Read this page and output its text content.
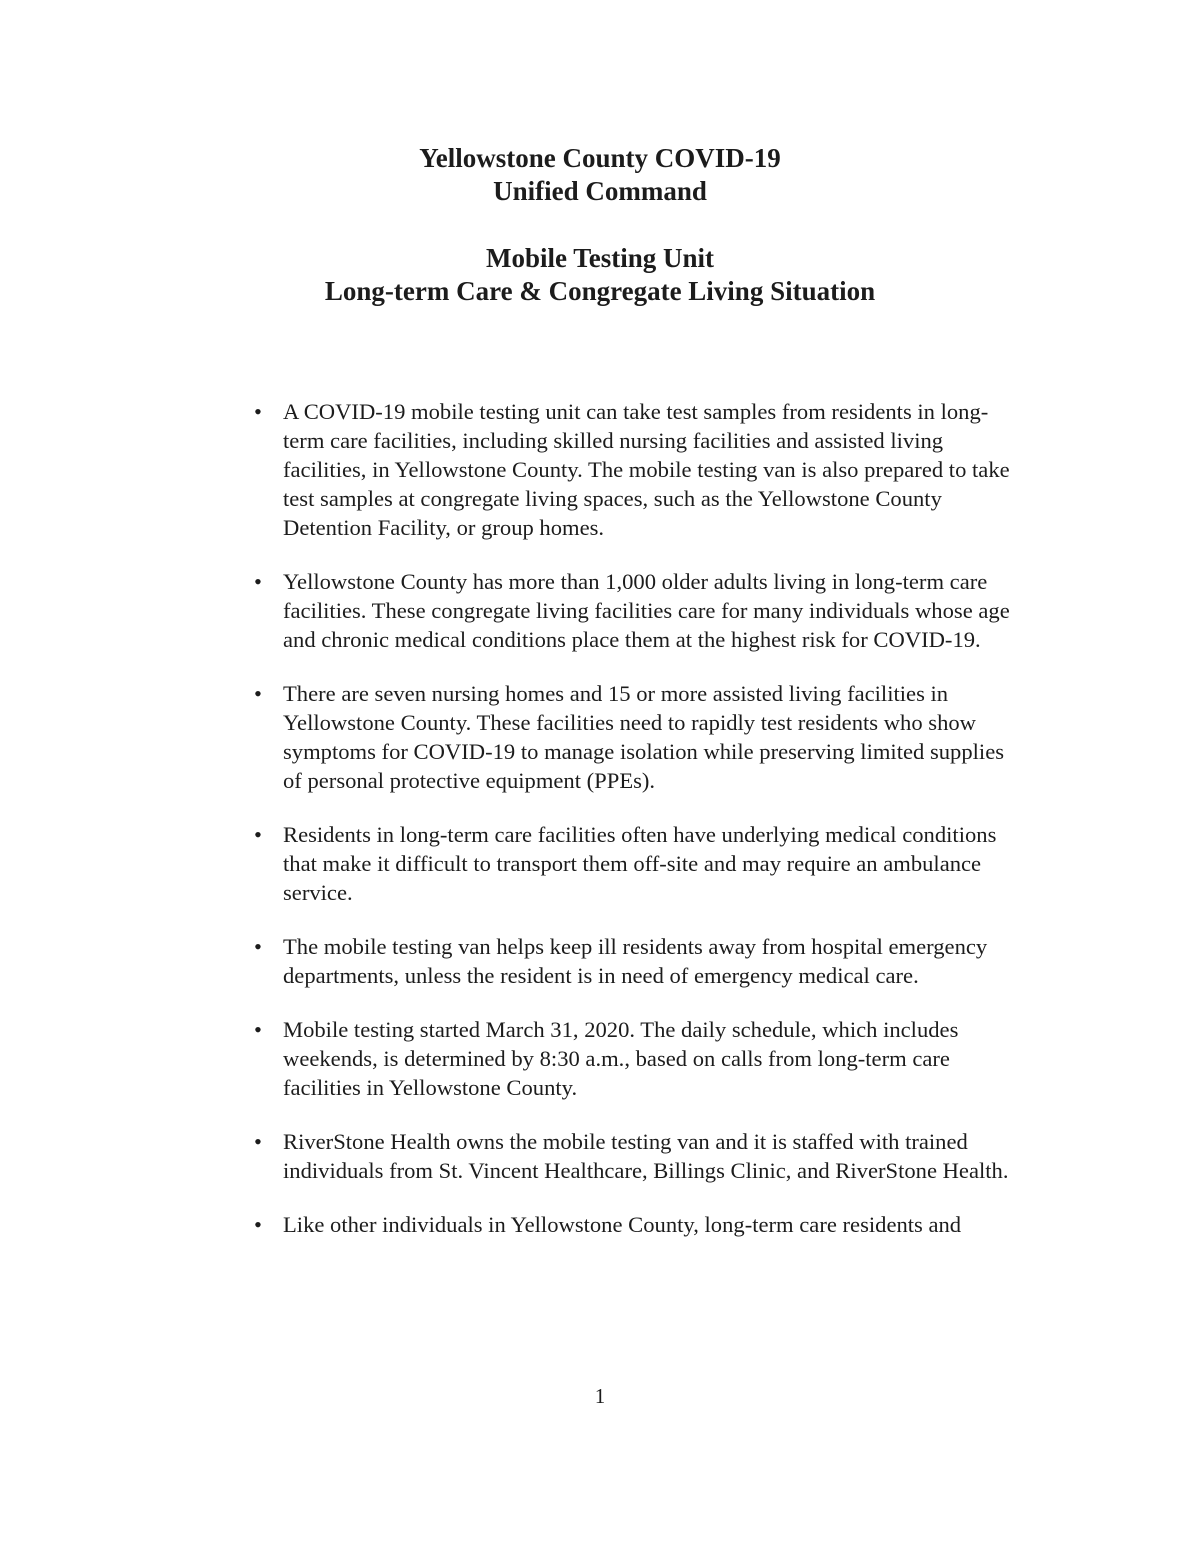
Yellowstone County COVID-19
Unified Command
Mobile Testing Unit
Long-term Care & Congregate Living Situation
• A COVID-19 mobile testing unit can take test samples from residents in long-term care facilities, including skilled nursing facilities and assisted living facilities, in Yellowstone County. The mobile testing van is also prepared to take test samples at congregate living spaces, such as the Yellowstone County Detention Facility, or group homes.
• Yellowstone County has more than 1,000 older adults living in long-term care facilities. These congregate living facilities care for many individuals whose age and chronic medical conditions place them at the highest risk for COVID-19.
• There are seven nursing homes and 15 or more assisted living facilities in Yellowstone County. These facilities need to rapidly test residents who show symptoms for COVID-19 to manage isolation while preserving limited supplies of personal protective equipment (PPEs).
• Residents in long-term care facilities often have underlying medical conditions that make it difficult to transport them off-site and may require an ambulance service.
• The mobile testing van helps keep ill residents away from hospital emergency departments, unless the resident is in need of emergency medical care.
• Mobile testing started March 31, 2020. The daily schedule, which includes weekends, is determined by 8:30 a.m., based on calls from long-term care facilities in Yellowstone County.
• RiverStone Health owns the mobile testing van and it is staffed with trained individuals from St. Vincent Healthcare, Billings Clinic, and RiverStone Health.
• Like other individuals in Yellowstone County, long-term care residents and
1
